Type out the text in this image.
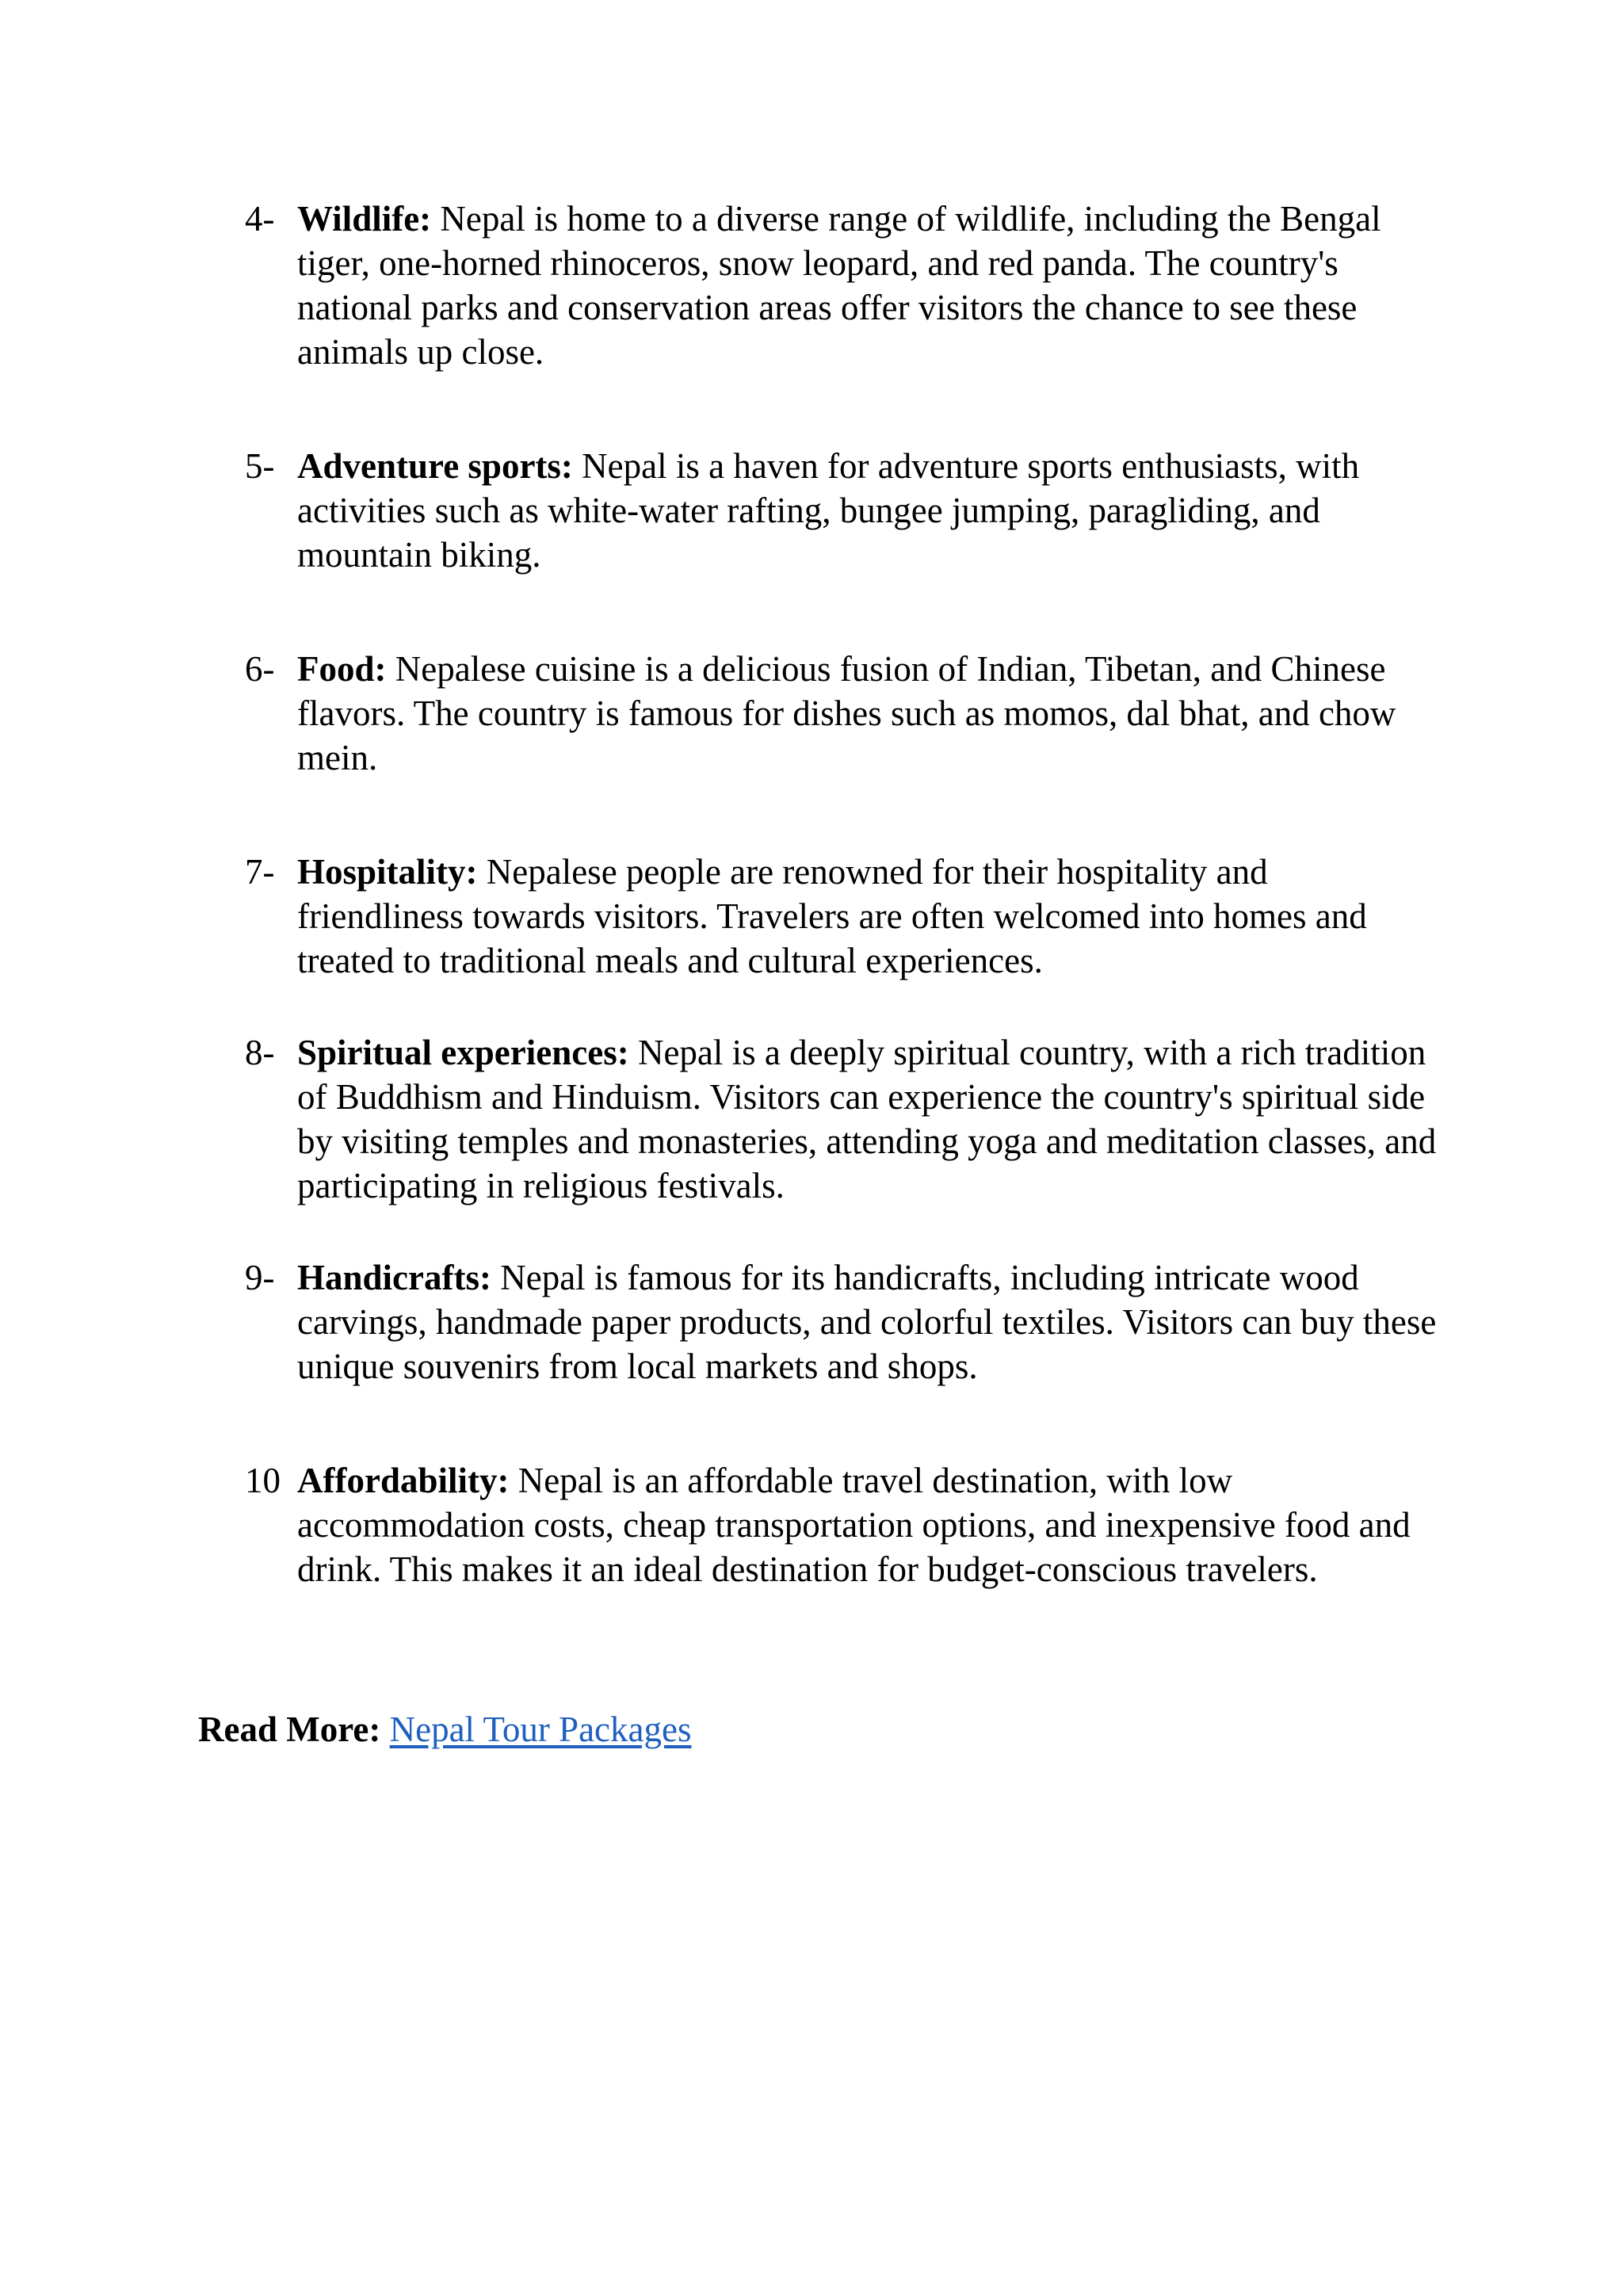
4- Wildlife: Nepal is home to a diverse range of wildlife, including the Bengal tiger, one-horned rhinoceros, snow leopard, and red panda. The country's national parks and conservation areas offer visitors the chance to see these animals up close.
5- Adventure sports: Nepal is a haven for adventure sports enthusiasts, with activities such as white-water rafting, bungee jumping, paragliding, and mountain biking.
6- Food: Nepalese cuisine is a delicious fusion of Indian, Tibetan, and Chinese flavors. The country is famous for dishes such as momos, dal bhat, and chow mein.
7- Hospitality: Nepalese people are renowned for their hospitality and friendliness towards visitors. Travelers are often welcomed into homes and treated to traditional meals and cultural experiences.
8- Spiritual experiences: Nepal is a deeply spiritual country, with a rich tradition of Buddhism and Hinduism. Visitors can experience the country's spiritual side by visiting temples and monasteries, attending yoga and meditation classes, and participating in religious festivals.
9- Handicrafts: Nepal is famous for its handicrafts, including intricate wood carvings, handmade paper products, and colorful textiles. Visitors can buy these unique souvenirs from local markets and shops.
10 Affordability: Nepal is an affordable travel destination, with low accommodation costs, cheap transportation options, and inexpensive food and drink. This makes it an ideal destination for budget-conscious travelers.

Read More: Nepal Tour Packages
